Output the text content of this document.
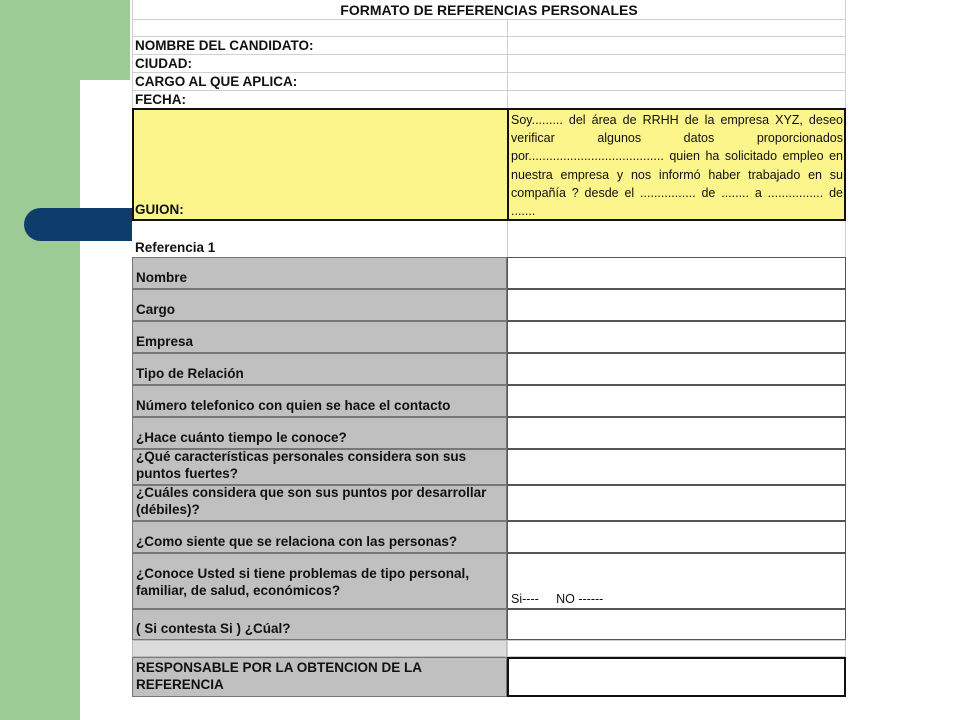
FORMATO DE REFERENCIAS PERSONALES
NOMBRE DEL CANDIDATO:
CIUDAD:
CARGO AL QUE APLICA:
FECHA:
GUION:
Soy......... del área de RRHH de la empresa XYZ, deseo verificar algunos datos proporcionados por....................................... quien ha solicitado empleo en nuestra empresa y nos informó haber trabajado en su compañía ? desde el ................ de ........ a ................ de .......
Referencia 1
Nombre
Cargo
Empresa
Tipo de Relación
Número telefonico con quien se hace el contacto
¿Hace cuánto tiempo le conoce?
¿Qué características personales considera son sus puntos fuertes?
¿Cuáles considera que son sus puntos por desarrollar (débiles)?
¿Como siente que se relaciona con las personas?
¿Conoce Usted si tiene problemas de tipo personal, familiar, de salud, económicos?
Si----     NO ------
( Si contesta Si ) ¿Cúal?
RESPONSABLE POR LA OBTENCION DE LA REFERENCIA
